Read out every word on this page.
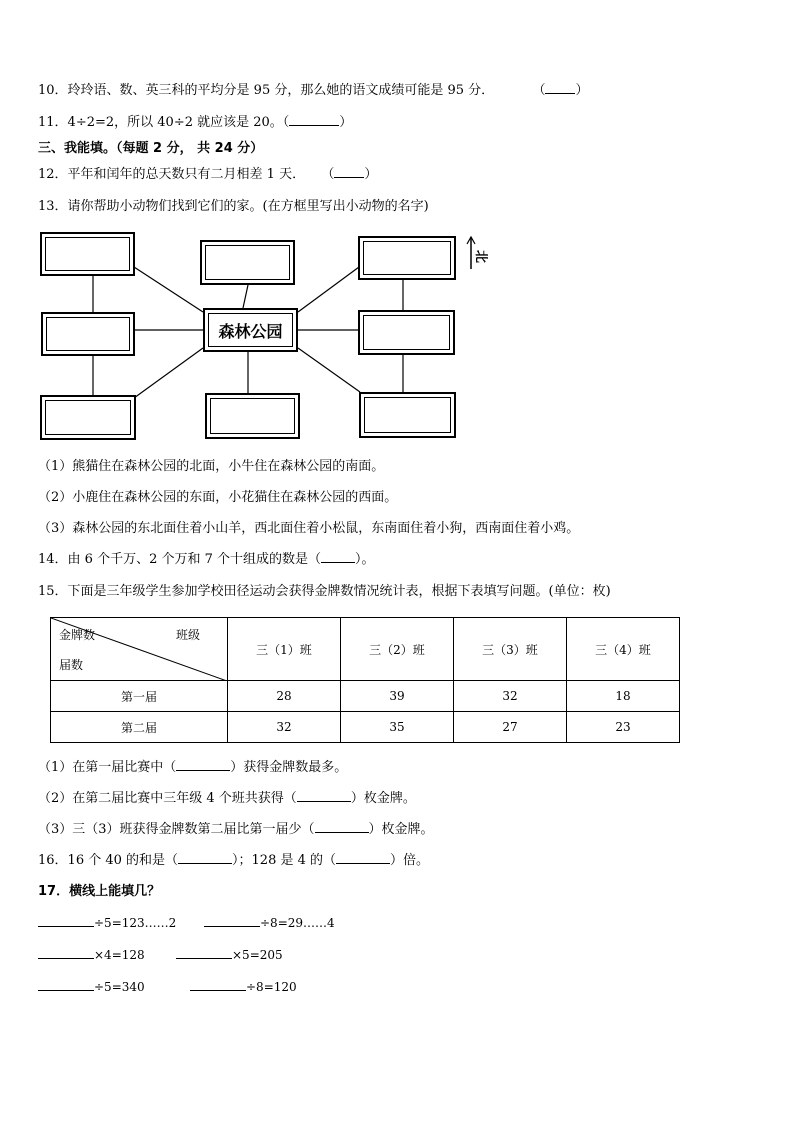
10．玲玲语、数、英三科的平均分是 95 分，那么她的语文成绩可能是 95 分．	（ ）
11．4÷2=2，所以 40÷2 就应该是 20。（	）
三、我能填。（每题 2 分， 共 24 分）
12．平年和闰年的总天数只有二月相差 1 天． （ ）
13．请你帮助小动物们找到它们的家。(在方框里写出小动物的名字)
森林公园
北
（1）熊猫住在森林公园的北面，小牛住在森林公园的南面。
（2）小鹿住在森林公园的东面，小花猫住在森林公园的西面。
（3）森林公园的东北面住着小山羊，西北面住着小松鼠，东南面住着小狗，西南面住着小鸡。
14．由 6 个千万、2 个万和 7 个十组成的数是（	）。
15．下面是三年级学生参加学校田径运动会获得金牌数情况统计表，根据下表填写问题。(单位：枚)
金牌数 班级
届数	三（1）班	三（2）班	三（3）班	三（4）班
第一届	28	39	32	18
第二届	32	35	27	23
（1）在第一届比赛中（	）获得金牌数最多。
（2）在第二届比赛中三年级 4 个班共获得（	）枚金牌。
（3）三（3）班获得金牌数第二届比第一届少（	）枚金牌。
16．16 个 40 的和是（	）；128 是 4 的（	）倍。
17．横线上能填几？
÷5=123……2	÷8=29……4
×4=128	×5=205
÷5=340	÷8=120
